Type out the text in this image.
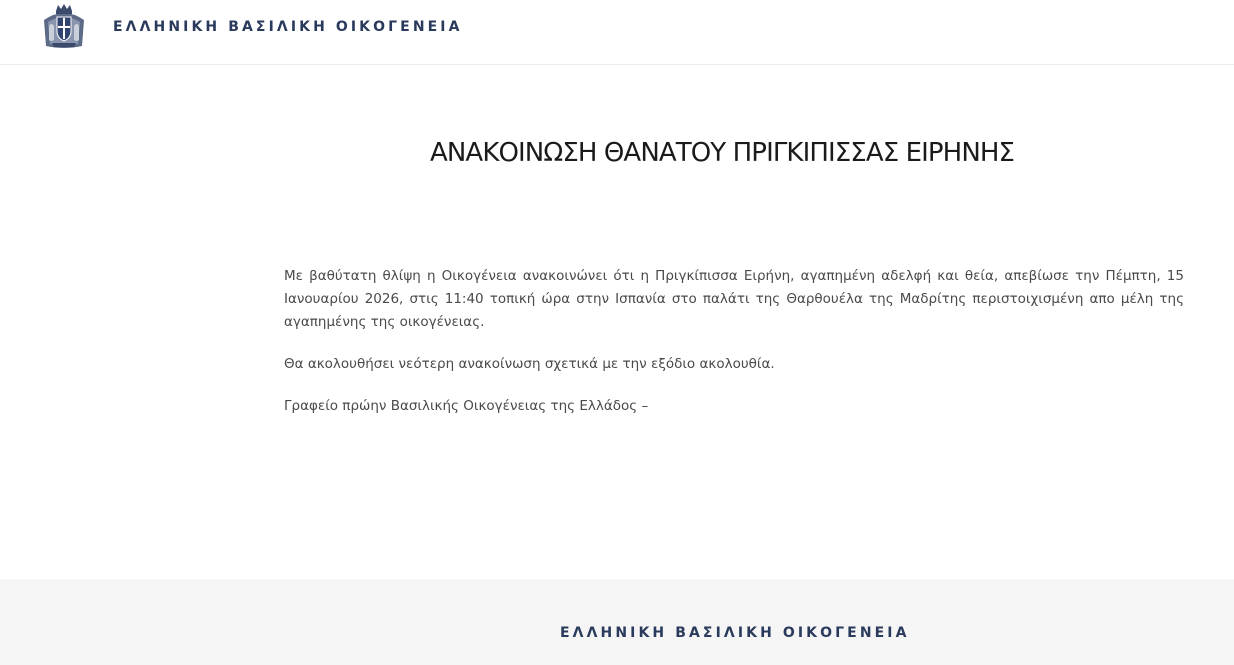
ΕΛΛΗΝΙΚΗ ΒΑΣΙΛΙΚΗ ΟΙΚΟΓΕΝΕΙΑ
ΑΝΑΚΟΙΝΩΣΗ ΘΑΝΑΤΟΥ ΠΡΙΓΚΙΠΙΣΣΑΣ ΕΙΡΗΝΗΣ

Με βαθύτατη θλίψη η Οικογένεια ανακοινώνει ότι η Πριγκίπισσα Ειρήνη, αγαπημένη αδελφή και θεία, απεβίωσε την Πέμπτη, 15 Ιανουαρίου 2026, στις 11:40 τοπική ώρα στην Ισπανία στο παλάτι της Θαρθουέλα της Μαδρίτης περιστοιχισμένη απο μέλη της αγαπημένης της οικογένειας.

Θα ακολουθήσει νεότερη ανακοίνωση σχετικά με την εξόδιο ακολουθία.

Γραφείο πρώην Βασιλικής Οικογένειας της Ελλάδος –

ΕΛΛΗΝΙΚΗ ΒΑΣΙΛΙΚΗ ΟΙΚΟΓΕΝΕΙΑ
